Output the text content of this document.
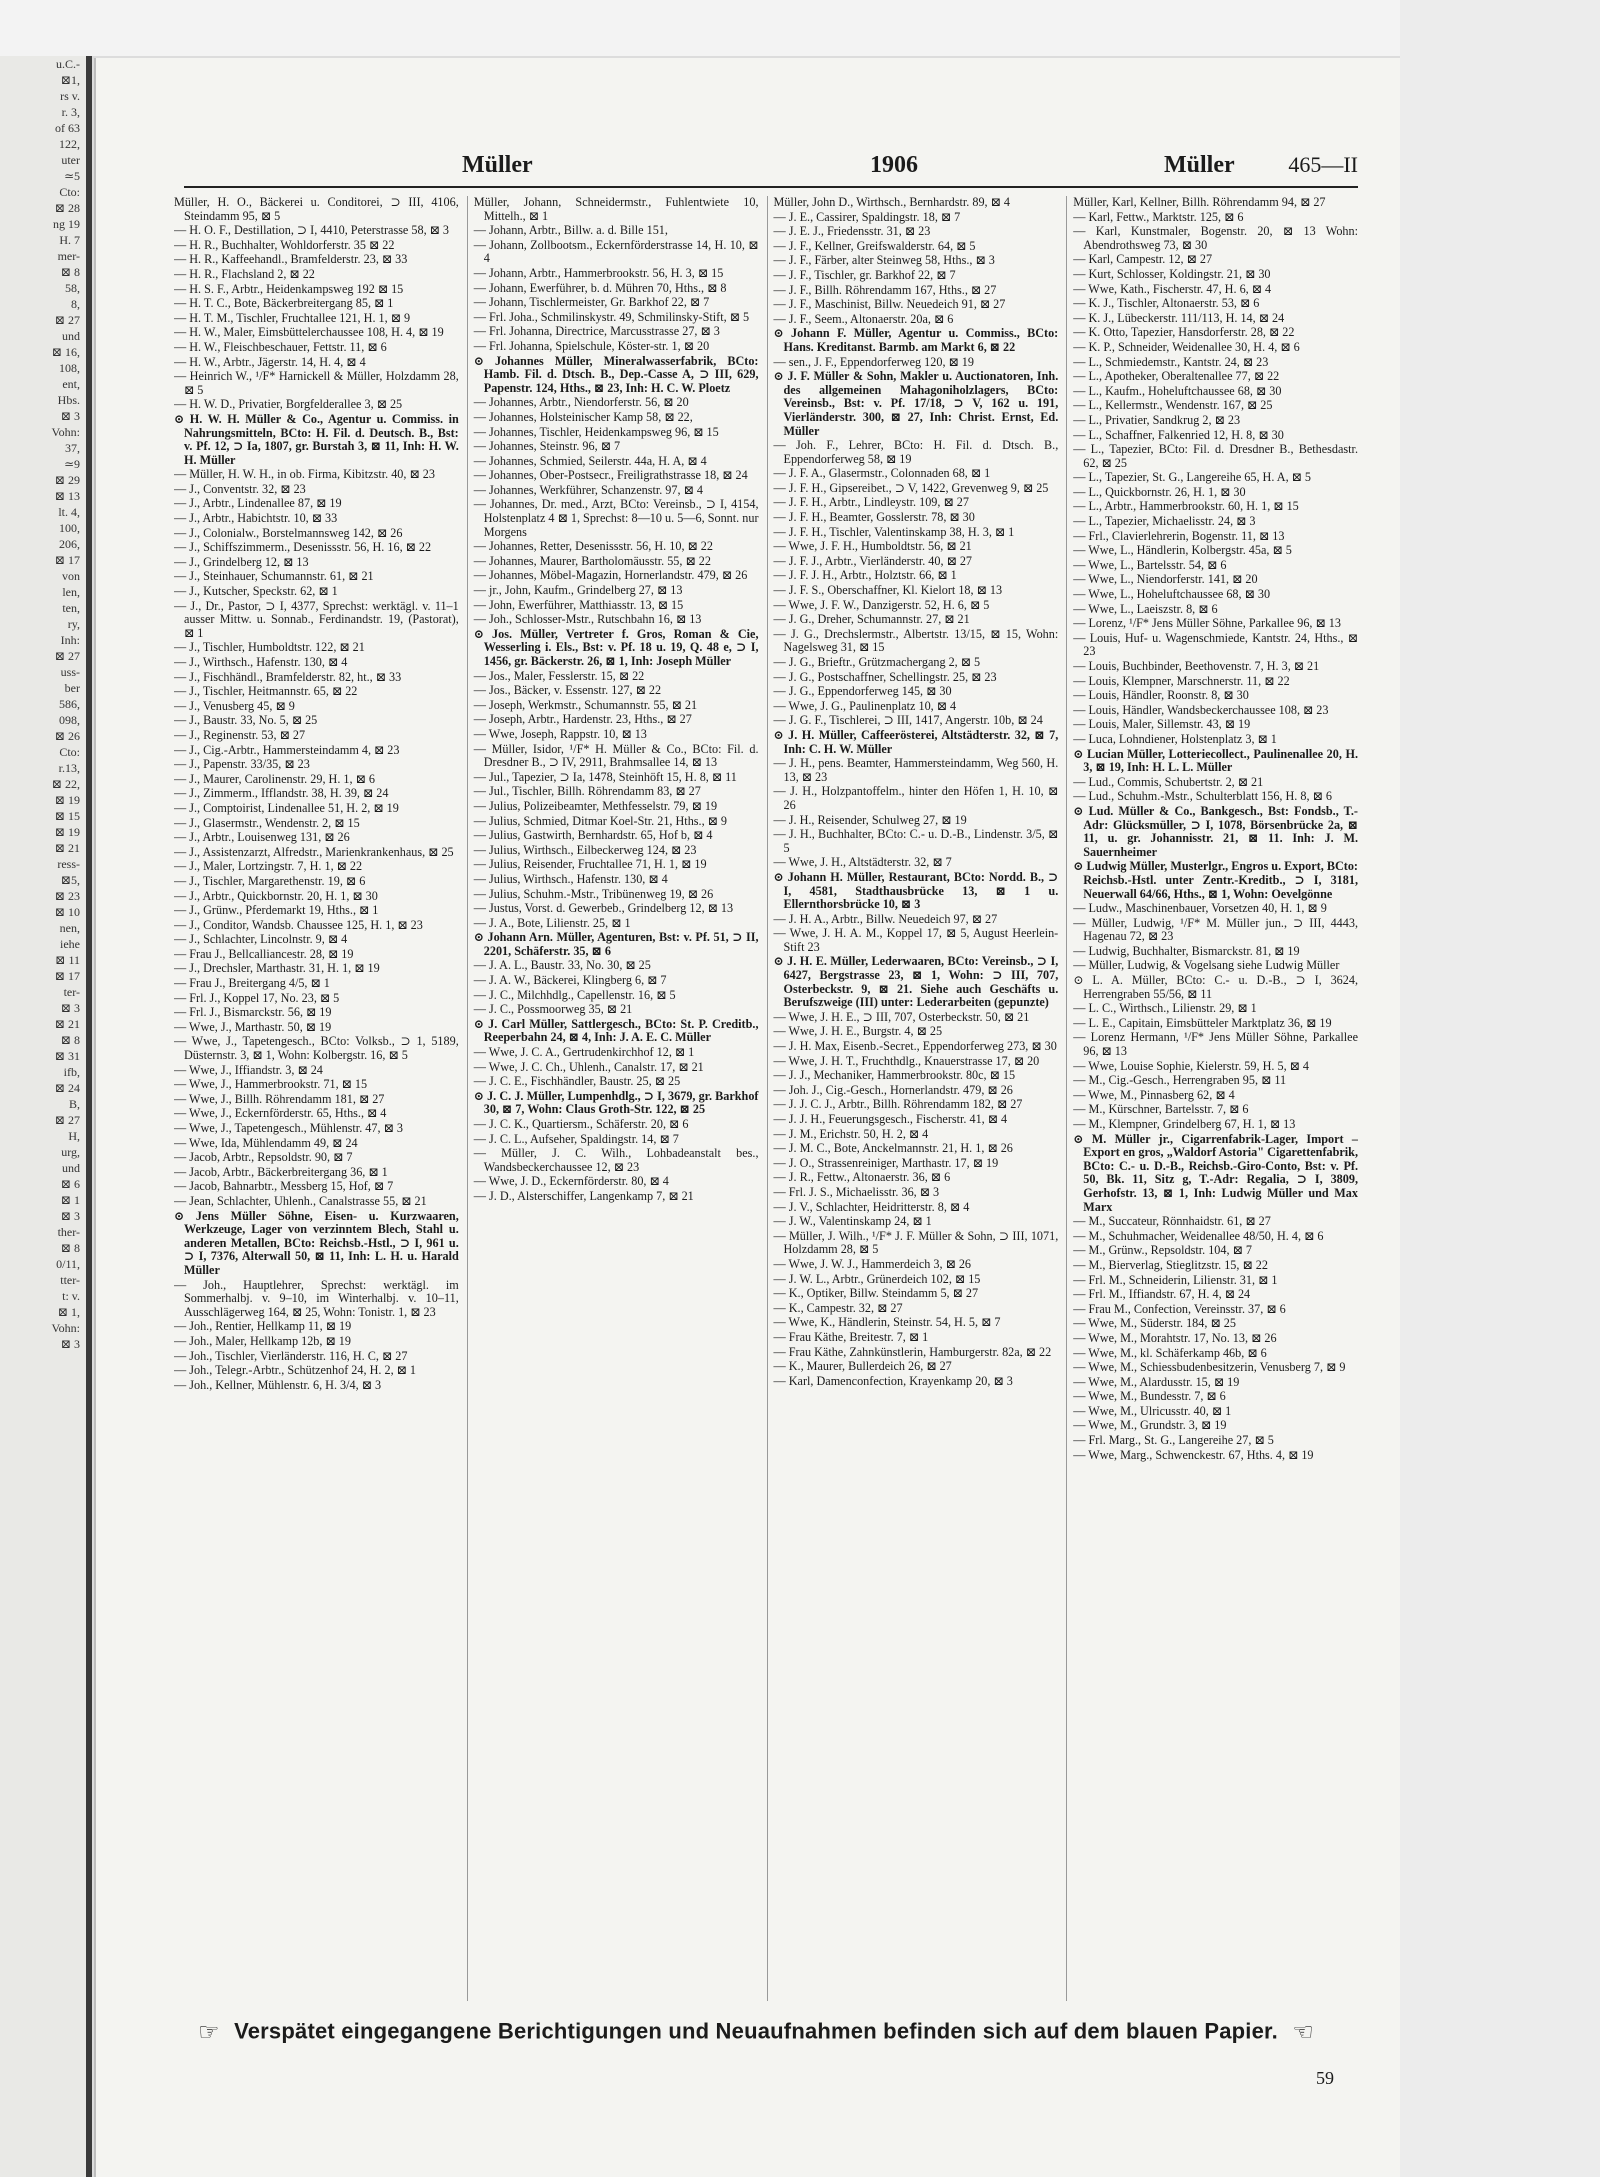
u.C.-
⊠1,
rs v.
r. 3,
of 63
122,
uter
≃5
Cto:
⊠ 28
ng 19
H. 7
mer-
⊠ 8
58,
8,
⊠ 27
und
⊠ 16,
108,
ent,
Hbs.
⊠ 3
Vohn:
37,
≃9
⊠ 29
⊠ 13
lt. 4,
100,
206,
⊠ 17
von
len,
ten,
ry,
Inh:
⊠ 27
uss-
ber
586,
098,
⊠ 26
Cto:
r.13,
⊠ 22,
⊠ 19
⊠ 15
⊠ 19
⊠ 21
ress-
⊠5,
⊠ 23
⊠ 10
nen,
iehe
⊠ 11
⊠ 17
ter-
⊠ 3
⊠ 21
⊠ 8
⊠ 31
ifb,
⊠ 24
B,
⊠ 27
H,
urg,
und
⊠ 6
⊠ 1
⊠ 3
ther-
⊠ 8
0/11,
tter-
t: v.
⊠ 1,
Vohn:
⊠ 3
Müller	1906	Müller 465—II

Müller, H. O., Bäckerei u. Conditorei, ⊃ III, 4106, Steindamm 95, ⊠ 5

— H. O. F., Destillation, ⊃ I, 4410, Peterstrasse 58, ⊠ 3

— H. R., Buchhalter, Wohldorferstr. 35 ⊠ 22

— H. R., Kaffeehandl., Bramfelderstr. 23, ⊠ 33

— H. R., Flachsland 2, ⊠ 22

— H. S. F., Arbtr., Heidenkampsweg 192 ⊠ 15

— H. T. C., Bote, Bäckerbreitergang 85, ⊠ 1

— H. T. M., Tischler, Fruchtallee 121, H. 1, ⊠ 9

— H. W., Maler, Eimsbüttelerchaussee 108, H. 4, ⊠ 19

— H. W., Fleischbeschauer, Fettstr. 11, ⊠ 6

— H. W., Arbtr., Jägerstr. 14, H. 4, ⊠ 4

— Heinrich W., ¹/F* Harnickell & Müller, Holzdamm 28, ⊠ 5

— H. W. D., Privatier, Borgfelderallee 3, ⊠ 25

⊙ H. W. H. Müller & Co., Agentur u. Commiss. in Nahrungsmitteln, BCto: H. Fil. d. Deutsch. B., Bst: v. Pf. 12, ⊃ Ia, 1807, gr. Burstah 3, ⊠ 11, Inh: H. W. H. Müller

— Müller, H. W. H., in ob. Firma, Kibitzstr. 40, ⊠ 23

— J., Conventstr. 32, ⊠ 23

— J., Arbtr., Lindenallee 87, ⊠ 19

— J., Arbtr., Habichtstr. 10, ⊠ 33

— J., Colonialw., Borstelmannsweg 142, ⊠ 26

— J., Schiffszimmerm., Desenissstr. 56, H. 16, ⊠ 22

— J., Grindelberg 12, ⊠ 13

— J., Steinhauer, Schumannstr. 61, ⊠ 21

— J., Kutscher, Speckstr. 62, ⊠ 1

— J., Dr., Pastor, ⊃ I, 4377, Sprechst: werktägl. v. 11–1 ausser Mittw. u. Sonnab., Ferdinandstr. 19, (Pastorat), ⊠ 1

— J., Tischler, Humboldtstr. 122, ⊠ 21

— J., Wirthsch., Hafenstr. 130, ⊠ 4

— J., Fischhändl., Bramfelderstr. 82, ht., ⊠ 33

— J., Tischler, Heitmannstr. 65, ⊠ 22

— J., Venusberg 45, ⊠ 9

— J., Baustr. 33, No. 5, ⊠ 25

— J., Reginenstr. 53, ⊠ 27

— J., Cig.-Arbtr., Hammersteindamm 4, ⊠ 23

— J., Papenstr. 33/35, ⊠ 23

— J., Maurer, Carolinenstr. 29, H. 1, ⊠ 6

— J., Zimmerm., Ifflandstr. 38, H. 39, ⊠ 24

— J., Comptoirist, Lindenallee 51, H. 2, ⊠ 19

— J., Glasermstr., Wendenstr. 2, ⊠ 15

— J., Arbtr., Louisenweg 131, ⊠ 26

— J., Assistenzarzt, Alfredstr., Marienkrankenhaus, ⊠ 25

— J., Maler, Lortzingstr. 7, H. 1, ⊠ 22

— J., Tischler, Margarethenstr. 19, ⊠ 6

— J., Arbtr., Quickbornstr. 20, H. 1, ⊠ 30

— J., Grünw., Pferdemarkt 19, Hths., ⊠ 1

— J., Conditor, Wandsb. Chaussee 125, H. 1, ⊠ 23

— J., Schlachter, Lincolnstr. 9, ⊠ 4

— Frau J., Bellcalliancestr. 28, ⊠ 19

— J., Drechsler, Marthastr. 31, H. 1, ⊠ 19

— Frau J., Breitergang 4/5, ⊠ 1

— Frl. J., Koppel 17, No. 23, ⊠ 5

— Frl. J., Bismarckstr. 56, ⊠ 19

— Wwe, J., Marthastr. 50, ⊠ 19

— Wwe, J., Tapetengesch., BCto: Volksb., ⊃ 1, 5189, Düsternstr. 3, ⊠ 1, Wohn: Kolbergstr. 16, ⊠ 5

— Wwe, J., Iffiandstr. 3, ⊠ 24

— Wwe, J., Hammerbrookstr. 71, ⊠ 15

— Wwe, J., Billh. Röhrendamm 181, ⊠ 27

— Wwe, J., Eckernförderstr. 65, Hths., ⊠ 4

— Wwe, J., Tapetengesch., Mühlenstr. 47, ⊠ 3

— Wwe, Ida, Mühlendamm 49, ⊠ 24

— Jacob, Arbtr., Repsoldstr. 90, ⊠ 7

— Jacob, Arbtr., Bäckerbreitergang 36, ⊠ 1

— Jacob, Bahnarbtr., Messberg 15, Hof, ⊠ 7

— Jean, Schlachter, Uhlenh., Canalstrasse 55, ⊠ 21

⊙ Jens Müller Söhne, Eisen- u. Kurzwaaren, Werkzeuge, Lager von verzinntem Blech, Stahl u. anderen Metallen, BCto: Reichsb.-Hstl., ⊃ I, 961 u. ⊃ I, 7376, Alterwall 50, ⊠ 11, Inh: L. H. u. Harald Müller

— Joh., Hauptlehrer, Sprechst: werktägl. im Sommerhalbj. v. 9–10, im Winterhalbj. v. 10–11, Ausschlägerweg 164, ⊠ 25, Wohn: Tonistr. 1, ⊠ 23

— Joh., Rentier, Hellkamp 11, ⊠ 19

— Joh., Maler, Hellkamp 12b, ⊠ 19

— Joh., Tischler, Vierländerstr. 116, H. C, ⊠ 27

— Joh., Telegr.-Arbtr., Schützenhof 24, H. 2, ⊠ 1

— Joh., Kellner, Mühlenstr. 6, H. 3/4, ⊠ 3

Müller, Johann, Schneidermstr., Fuhlentwiete 10, Mittelh., ⊠ 1

— Johann, Arbtr., Billw. a. d. Bille 151,

— Johann, Zollbootsm., Eckernförderstrasse 14, H. 10, ⊠ 4

— Johann, Arbtr., Hammerbrookstr. 56, H. 3, ⊠ 15

— Johann, Ewerführer, b. d. Mühren 70, Hths., ⊠ 8

— Johann, Tischlermeister, Gr. Barkhof 22, ⊠ 7

— Frl. Joha., Schmilinskystr. 49, Schmilinsky-Stift, ⊠ 5

— Frl. Johanna, Directrice, Marcusstrasse 27, ⊠ 3

— Frl. Johanna, Spielschule, Köster-str. 1, ⊠ 20

⊙ Johannes Müller, Mineralwasserfabrik, BCto: Hamb. Fil. d. Dtsch. B., Dep.-Casse A, ⊃ III, 629, Papenstr. 124, Hths., ⊠ 23, Inh: H. C. W. Ploetz

— Johannes, Arbtr., Niendorferstr. 56, ⊠ 20

— Johannes, Holsteinischer Kamp 58, ⊠ 22,

— Johannes, Tischler, Heidenkampsweg 96, ⊠ 15

— Johannes, Steinstr. 96, ⊠ 7

— Johannes, Schmied, Seilerstr. 44a, H. A, ⊠ 4

— Johannes, Ober-Postsecr., Freiligrathstrasse 18, ⊠ 24

— Johannes, Werkführer, Schanzenstr. 97, ⊠ 4

— Johannes, Dr. med., Arzt, BCto: Vereinsb., ⊃ I, 4154, Holstenplatz 4 ⊠ 1, Sprechst: 8—10 u. 5—6, Sonnt. nur Morgens

— Johannes, Retter, Desenissstr. 56, H. 10, ⊠ 22

— Johannes, Maurer, Bartholomäusstr. 55, ⊠ 22

— Johannes, Möbel-Magazin, Hornerlandstr. 479, ⊠ 26

— jr., John, Kaufm., Grindelberg 27, ⊠ 13

— John, Ewerführer, Matthiasstr. 13, ⊠ 15

— Joh., Schlosser-Mstr., Rutschbahn 16, ⊠ 13

⊙ Jos. Müller, Vertreter f. Gros, Roman & Cie, Wesserling i. Els., Bst: v. Pf. 18 u. 19, Q. 48 e, ⊃ I, 1456, gr. Bäckerstr. 26, ⊠ 1, Inh: Joseph Müller

— Jos., Maler, Fesslerstr. 15, ⊠ 22

— Jos., Bäcker, v. Essenstr. 127, ⊠ 22

— Joseph, Werkmstr., Schumannstr. 55, ⊠ 21

— Joseph, Arbtr., Hardenstr. 23, Hths., ⊠ 27

— Wwe, Joseph, Rappstr. 10, ⊠ 13

— Müller, Isidor, ¹/F* H. Müller & Co., BCto: Fil. d. Dresdner B., ⊃ IV, 2911, Brahmsallee 14, ⊠ 13

— Jul., Tapezier, ⊃ Ia, 1478, Steinhöft 15, H. 8, ⊠ 11

— Jul., Tischler, Billh. Röhrendamm 83, ⊠ 27

— Julius, Polizeibeamter, Methfesselstr. 79, ⊠ 19

— Julius, Schmied, Ditmar Koel-Str. 21, Hths., ⊠ 9

— Julius, Gastwirth, Bernhardstr. 65, Hof b, ⊠ 4

— Julius, Wirthsch., Eilbeckerweg 124, ⊠ 23

— Julius, Reisender, Fruchtallee 71, H. 1, ⊠ 19

— Julius, Wirthsch., Hafenstr. 130, ⊠ 4

— Julius, Schuhm.-Mstr., Tribünenweg 19, ⊠ 26

— Justus, Vorst. d. Gewerbeb., Grindelberg 12, ⊠ 13

— J. A., Bote, Lilienstr. 25, ⊠ 1

⊙ Johann Arn. Müller, Agenturen, Bst: v. Pf. 51, ⊃ II, 2201, Schäferstr. 35, ⊠ 6

— J. A. L., Baustr. 33, No. 30, ⊠ 25

— J. A. W., Bäckerei, Klingberg 6, ⊠ 7

— J. C., Milchhdlg., Capellenstr. 16, ⊠ 5

— J. C., Possmoorweg 35, ⊠ 21

⊙ J. Carl Müller, Sattlergesch., BCto: St. P. Creditb., Reeperbahn 24, ⊠ 4, Inh: J. A. E. C. Müller

— Wwe, J. C. A., Gertrudenkirchhof 12, ⊠ 1

— Wwe, J. C. Ch., Uhlenh., Canalstr. 17, ⊠ 21

— J. C. E., Fischhändler, Baustr. 25, ⊠ 25

⊙ J. C. J. Müller, Lumpenhdlg., ⊃ I, 3679, gr. Barkhof 30, ⊠ 7, Wohn: Claus Groth-Str. 122, ⊠ 25

— J. C. K., Quartiersm., Schäferstr. 20, ⊠ 6

— J. C. L., Aufseher, Spaldingstr. 14, ⊠ 7

— Müller, J. C. Wilh., Lohbadeanstalt bes., Wandsbeckerchaussee 12, ⊠ 23

— Wwe, J. D., Eckernförderstr. 80, ⊠ 4

— J. D., Alsterschiffer, Langenkamp 7, ⊠ 21

Müller, John D., Wirthsch., Bernhardstr. 89, ⊠ 4

— J. E., Cassirer, Spaldingstr. 18, ⊠ 7

— J. E. J., Friedensstr. 31, ⊠ 23

— J. F., Kellner, Greifswalderstr. 64, ⊠ 5

— J. F., Färber, alter Steinweg 58, Hths., ⊠ 3

— J. F., Tischler, gr. Barkhof 22, ⊠ 7

— J. F., Billh. Röhrendamm 167, Hths., ⊠ 27

— J. F., Maschinist, Billw. Neuedeich 91, ⊠ 27

— J. F., Seem., Altonaerstr. 20a, ⊠ 6

⊙ Johann F. Müller, Agentur u. Commiss., BCto: Hans. Kreditanst. Barmb. am Markt 6, ⊠ 22

— sen., J. F., Eppendorferweg 120, ⊠ 19

⊙ J. F. Müller & Sohn, Makler u. Auctionatoren, Inh. des allgemeinen Mahagoniholzlagers, BCto: Vereinsb., Bst: v. Pf. 17/18, ⊃ V, 162 u. 191, Vierländerstr. 300, ⊠ 27, Inh: Christ. Ernst, Ed. Müller

— Joh. F., Lehrer, BCto: H. Fil. d. Dtsch. B., Eppendorferweg 58, ⊠ 19

— J. F. A., Glasermstr., Colonnaden 68, ⊠ 1

— J. F. H., Gipsereibet., ⊃ V, 1422, Grevenweg 9, ⊠ 25

— J. F. H., Arbtr., Lindleystr. 109, ⊠ 27

— J. F. H., Beamter, Gosslerstr. 78, ⊠ 30

— J. F. H., Tischler, Valentinskamp 38, H. 3, ⊠ 1

— Wwe, J. F. H., Humboldtstr. 56, ⊠ 21

— J. F. J., Arbtr., Vierländerstr. 40, ⊠ 27

— J. F. J. H., Arbtr., Holztstr. 66, ⊠ 1

— J. F. S., Oberschaffner, Kl. Kielort 18, ⊠ 13

— Wwe, J. F. W., Danzigerstr. 52, H. 6, ⊠ 5

— J. G., Dreher, Schumannstr. 27, ⊠ 21

— J. G., Drechslermstr., Albertstr. 13/15, ⊠ 15, Wohn: Nagelsweg 31, ⊠ 15

— J. G., Brieftr., Grützmachergang 2, ⊠ 5

— J. G., Postschaffner, Schellingstr. 25, ⊠ 23

— J. G., Eppendorferweg 145, ⊠ 30

— Wwe, J. G., Paulinenplatz 10, ⊠ 4

— J. G. F., Tischlerei, ⊃ III, 1417, Angerstr. 10b, ⊠ 24

⊙ J. H. Müller, Caffeerösterei, Altstädterstr. 32, ⊠ 7, Inh: C. H. W. Müller

— J. H., pens. Beamter, Hammersteindamm, Weg 560, H. 13, ⊠ 23

— J. H., Holzpantoffelm., hinter den Höfen 1, H. 10, ⊠ 26

— J. H., Reisender, Schulweg 27, ⊠ 19

— J. H., Buchhalter, BCto: C.- u. D.-B., Lindenstr. 3/5, ⊠ 5

— Wwe, J. H., Altstädterstr. 32, ⊠ 7

⊙ Johann H. Müller, Restaurant, BCto: Nordd. B., ⊃ I, 4581, Stadthausbrücke 13, ⊠ 1 u. Ellernthorsbrücke 10, ⊠ 3

— J. H. A., Arbtr., Billw. Neuedeich 97, ⊠ 27

— Wwe, J. H. A. M., Koppel 17, ⊠ 5, August Heerlein-Stift 23

⊙ J. H. E. Müller, Lederwaaren, BCto: Vereinsb., ⊃ I, 6427, Bergstrasse 23, ⊠ 1, Wohn: ⊃ III, 707, Osterbeckstr. 9, ⊠ 21. Siehe auch Geschäfts u. Berufszweige (III) unter: Lederarbeiten (gepunzte)

— Wwe, J. H. E., ⊃ III, 707, Osterbeckstr. 50, ⊠ 21

— Wwe, J. H. E., Burgstr. 4, ⊠ 25

— J. H. Max, Eisenb.-Secret., Eppendorferweg 273, ⊠ 30

— Wwe, J. H. T., Fruchthdlg., Knauerstrasse 17, ⊠ 20

— J. J., Mechaniker, Hammerbrookstr. 80c, ⊠ 15

— Joh. J., Cig.-Gesch., Hornerlandstr. 479, ⊠ 26

— J. J. C. J., Arbtr., Billh. Röhrendamm 182, ⊠ 27

— J. J. H., Feuerungsgesch., Fischerstr. 41, ⊠ 4

— J. M., Erichstr. 50, H. 2, ⊠ 4

— J. M. C., Bote, Anckelmannstr. 21, H. 1, ⊠ 26

— J. O., Strassenreiniger, Marthastr. 17, ⊠ 19

— J. R., Fettw., Altonaerstr. 36, ⊠ 6

— Frl. J. S., Michaelisstr. 36, ⊠ 3

— J. V., Schlachter, Heidritterstr. 8, ⊠ 4

— J. W., Valentinskamp 24, ⊠ 1

— Müller, J. Wilh., ¹/F* J. F. Müller & Sohn, ⊃ III, 1071, Holzdamm 28, ⊠ 5

— Wwe, J. W. J., Hammerdeich 3, ⊠ 26

— J. W. L., Arbtr., Grünerdeich 102, ⊠ 15

— K., Optiker, Billw. Steindamm 5, ⊠ 27

— K., Campestr. 32, ⊠ 27

— Wwe, K., Händlerin, Steinstr. 54, H. 5, ⊠ 7

— Frau Käthe, Breitestr. 7, ⊠ 1

— Frau Käthe, Zahnkünstlerin, Hamburgerstr. 82a, ⊠ 22

— K., Maurer, Bullerdeich 26, ⊠ 27

— Karl, Damenconfection, Krayenkamp 20, ⊠ 3

Müller, Karl, Kellner, Billh. Röhrendamm 94, ⊠ 27

— Karl, Fettw., Marktstr. 125, ⊠ 6

— Karl, Kunstmaler, Bogenstr. 20, ⊠ 13 Wohn: Abendrothsweg 73, ⊠ 30

— Karl, Campestr. 12, ⊠ 27

— Kurt, Schlosser, Koldingstr. 21, ⊠ 30

— Wwe, Kath., Fischerstr. 47, H. 6, ⊠ 4

— K. J., Tischler, Altonaerstr. 53, ⊠ 6

— K. J., Lübeckerstr. 111/113, H. 14, ⊠ 24

— K. Otto, Tapezier, Hansdorferstr. 28, ⊠ 22

— K. P., Schneider, Weidenallee 30, H. 4, ⊠ 6

— L., Schmiedemstr., Kantstr. 24, ⊠ 23

— L., Apotheker, Oberaltenallee 77, ⊠ 22

— L., Kaufm., Hoheluftchaussee 68, ⊠ 30

— L., Kellermstr., Wendenstr. 167, ⊠ 25

— L., Privatier, Sandkrug 2, ⊠ 23

— L., Schaffner, Falkenried 12, H. 8, ⊠ 30

— L., Tapezier, BCto: Fil. d. Dresdner B., Bethesdastr. 62, ⊠ 25

— L., Tapezier, St. G., Langereihe 65, H. A, ⊠ 5

— L., Quickbornstr. 26, H. 1, ⊠ 30

— L., Arbtr., Hammerbrookstr. 60, H. 1, ⊠ 15

— L., Tapezier, Michaelisstr. 24, ⊠ 3

— Frl., Clavierlehrerin, Bogenstr. 11, ⊠ 13

— Wwe, L., Händlerin, Kolbergstr. 45a, ⊠ 5

— Wwe, L., Bartelsstr. 54, ⊠ 6

— Wwe, L., Niendorferstr. 141, ⊠ 20

— Wwe, L., Hoheluftchaussee 68, ⊠ 30

— Wwe, L., Laeiszstr. 8, ⊠ 6

— Lorenz, ¹/F* Jens Müller Söhne, Parkallee 96, ⊠ 13

— Louis, Huf- u. Wagenschmiede, Kantstr. 24, Hths., ⊠ 23

— Louis, Buchbinder, Beethovenstr. 7, H. 3, ⊠ 21

— Louis, Klempner, Marschnerstr. 11, ⊠ 22

— Louis, Händler, Roonstr. 8, ⊠ 30

— Louis, Händler, Wandsbeckerchaussee 108, ⊠ 23

— Louis, Maler, Sillemstr. 43, ⊠ 19

— Luca, Lohndiener, Holstenplatz 3, ⊠ 1

⊙ Lucian Müller, Lotteriecollect., Paulinenallee 20, H. 3, ⊠ 19, Inh: H. L. L. Müller

— Lud., Commis, Schubertstr. 2, ⊠ 21

— Lud., Schuhm.-Mstr., Schulterblatt 156, H. 8, ⊠ 6

⊙ Lud. Müller & Co., Bankgesch., Bst: Fondsb., T.-Adr: Glücksmüller, ⊃ I, 1078, Börsenbrücke 2a, ⊠ 11, u. gr. Johannisstr. 21, ⊠ 11. Inh: J. M. Sauernheimer

⊙ Ludwig Müller, Musterlgr., Engros u. Export, BCto: Reichsb.-Hstl. unter Zentr.-Kreditb., ⊃ I, 3181, Neuerwall 64/66, Hths., ⊠ 1, Wohn: Oevelgönne

— Ludw., Maschinenbauer, Vorsetzen 40, H. 1, ⊠ 9

— Müller, Ludwig, ¹/F* M. Müller jun., ⊃ III, 4443, Hagenau 72, ⊠ 23

— Ludwig, Buchhalter, Bismarckstr. 81, ⊠ 19

— Müller, Ludwig, & Vogelsang siehe Ludwig Müller

⊙ L. A. Müller, BCto: C.- u. D.-B., ⊃ I, 3624, Herrengraben 55/56, ⊠ 11

— L. C., Wirthsch., Lilienstr. 29, ⊠ 1

— L. E., Capitain, Eimsbütteler Marktplatz 36, ⊠ 19

— Lorenz Hermann, ¹/F* Jens Müller Söhne, Parkallee 96, ⊠ 13

— Wwe, Louise Sophie, Kielerstr. 59, H. 5, ⊠ 4

— M., Cig.-Gesch., Herrengraben 95, ⊠ 11

— Wwe, M., Pinnasberg 62, ⊠ 4

— M., Kürschner, Bartelsstr. 7, ⊠ 6

— M., Klempner, Grindelberg 67, H. 1, ⊠ 13

⊙ M. Müller jr., Cigarrenfabrik-Lager, Import – Export en gros, „Waldorf Astoria" Cigarettenfabrik, BCto: C.- u. D.-B., Reichsb.-Giro-Conto, Bst: v. Pf. 50, Bk. 11, Sitz g, T.-Adr: Regalia, ⊃ I, 3809, Gerhofstr. 13, ⊠ 1, Inh: Ludwig Müller und Max Marx

— M., Succateur, Rönnhaidstr. 61, ⊠ 27

— M., Schuhmacher, Weidenallee 48/50, H. 4, ⊠ 6

— M., Grünw., Repsoldstr. 104, ⊠ 7

— M., Bierverlag, Stieglitzstr. 15, ⊠ 22

— Frl. M., Schneiderin, Lilienstr. 31, ⊠ 1

— Frl. M., Iffiandstr. 67, H. 4, ⊠ 24

— Frau M., Confection, Vereinsstr. 37, ⊠ 6

— Wwe, M., Süderstr. 184, ⊠ 25

— Wwe, M., Morahtstr. 17, No. 13, ⊠ 26

— Wwe, M., kl. Schäferkamp 46b, ⊠ 6

— Wwe, M., Schiessbudenbesitzerin, Venusberg 7, ⊠ 9

— Wwe, M., Alardusstr. 15, ⊠ 19

— Wwe, M., Bundesstr. 7, ⊠ 6

— Wwe, M., Ulricusstr. 40, ⊠ 1

— Wwe, M., Grundstr. 3, ⊠ 19

— Frl. Marg., St. G., Langereihe 27, ⊠ 5

— Wwe, Marg., Schwenckestr. 67, Hths. 4, ⊠ 19

☞ Verspätet eingegangene Berichtigungen und Neuaufnahmen befinden sich auf dem blauen Papier. ☜
59
